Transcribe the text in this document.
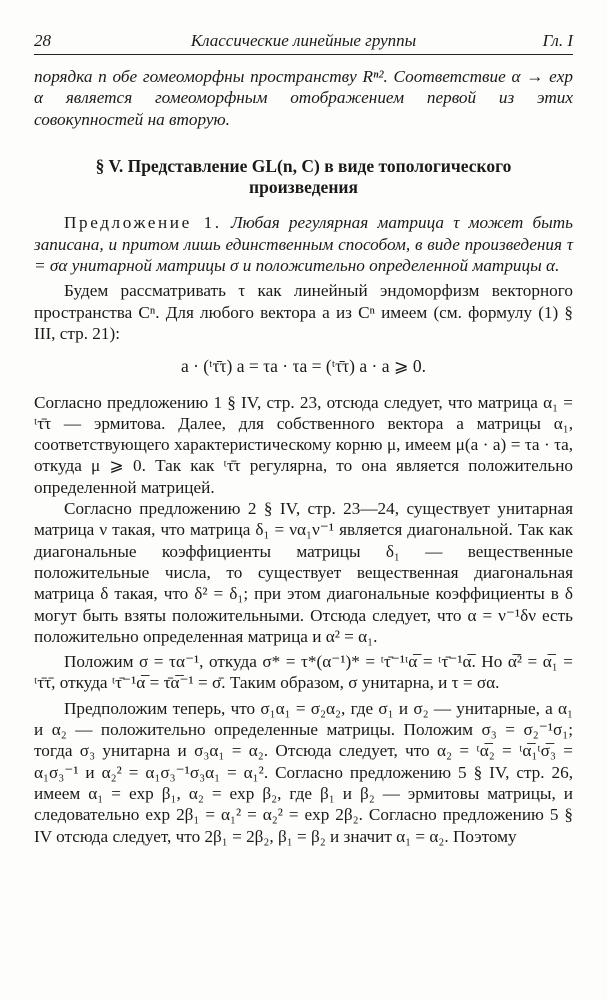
28	Классические линейные группы	Гл. I

порядка n обе гомеоморфны пространству Rⁿ². Соответствие α → exp α является гомеоморфным отображением первой из этих совокупностей на вторую.

§ V. Представление GL(n, C) в виде топологического произведения

Предложение 1. Любая регулярная матрица τ может быть записана, и притом лишь единственным способом, в виде произведения τ = σα унитарной матрицы σ и положительно определенной матрицы α.

Будем рассматривать τ как линейный эндоморфизм векторного пространства Cⁿ. Для любого вектора a из Cⁿ имеем (см. формулу (1) § III, стр. 21):

a · (ᵗτ̄τ) a = τa · τa = (ᵗτ̄τ) a · a ⩾ 0.

Согласно предложению 1 § IV, стр. 23, отсюда следует, что матрица α₁ = ᵗτ̄τ — эрмитова. Далее, для собственного вектора a матрицы α₁, соответствующего характеристическому корню μ, имеем μ(a · a) = τa · τa, откуда μ ⩾ 0. Так как ᵗτ̄τ регулярна, то она является положительно определенной матрицей.

Согласно предложению 2 § IV, стр. 23—24, существует унитарная матрица ν такая, что матрица δ₁ = να₁ν⁻¹ является диагональной. Так как диагональные коэффициенты матрицы δ₁ — вещественные положительные числа, то существует вещественная диагональная матрица δ такая, что δ² = δ₁; при этом диагональные коэффициенты в δ могут быть взяты положительными. Отсюда следует, что α = ν⁻¹δν есть положительно определенная матрица и α² = α₁.

Положим σ = τα⁻¹, откуда σ* = τ*(α⁻¹)* = ᵗτ̄⁻¹ᵗα̅ = ᵗτ̄⁻¹α̅. Но α̅² = α̅₁ = ᵗτ̄τ̄, откуда ᵗτ̄⁻¹α̅ = τ̄α̅⁻¹ = σ̄. Таким образом, σ унитарна, и τ = σα.

Предположим теперь, что σ₁α₁ = σ₂α₂, где σ₁ и σ₂ — унитарные, а α₁ и α₂ — положительно определенные матрицы. Положим σ₃ = σ₂⁻¹σ₁; тогда σ₃ унитарна и σ₃α₁ = α₂. Отсюда следует, что α₂ = ᵗα̅₂ = ᵗα̅₁ᵗσ̅₃ = α₁σ₃⁻¹ и α₂² = α₁σ₃⁻¹σ₃α₁ = α₁². Согласно предложению 5 § IV, стр. 26, имеем α₁ = exp β₁, α₂ = exp β₂, где β₁ и β₂ — эрмитовы матрицы, и следовательно exp 2β₁ = α₁² = α₂² = exp 2β₂. Согласно предложению 5 § IV отсюда следует, что 2β₁ = 2β₂, β₁ = β₂ и значит α₁ = α₂. Поэтому
